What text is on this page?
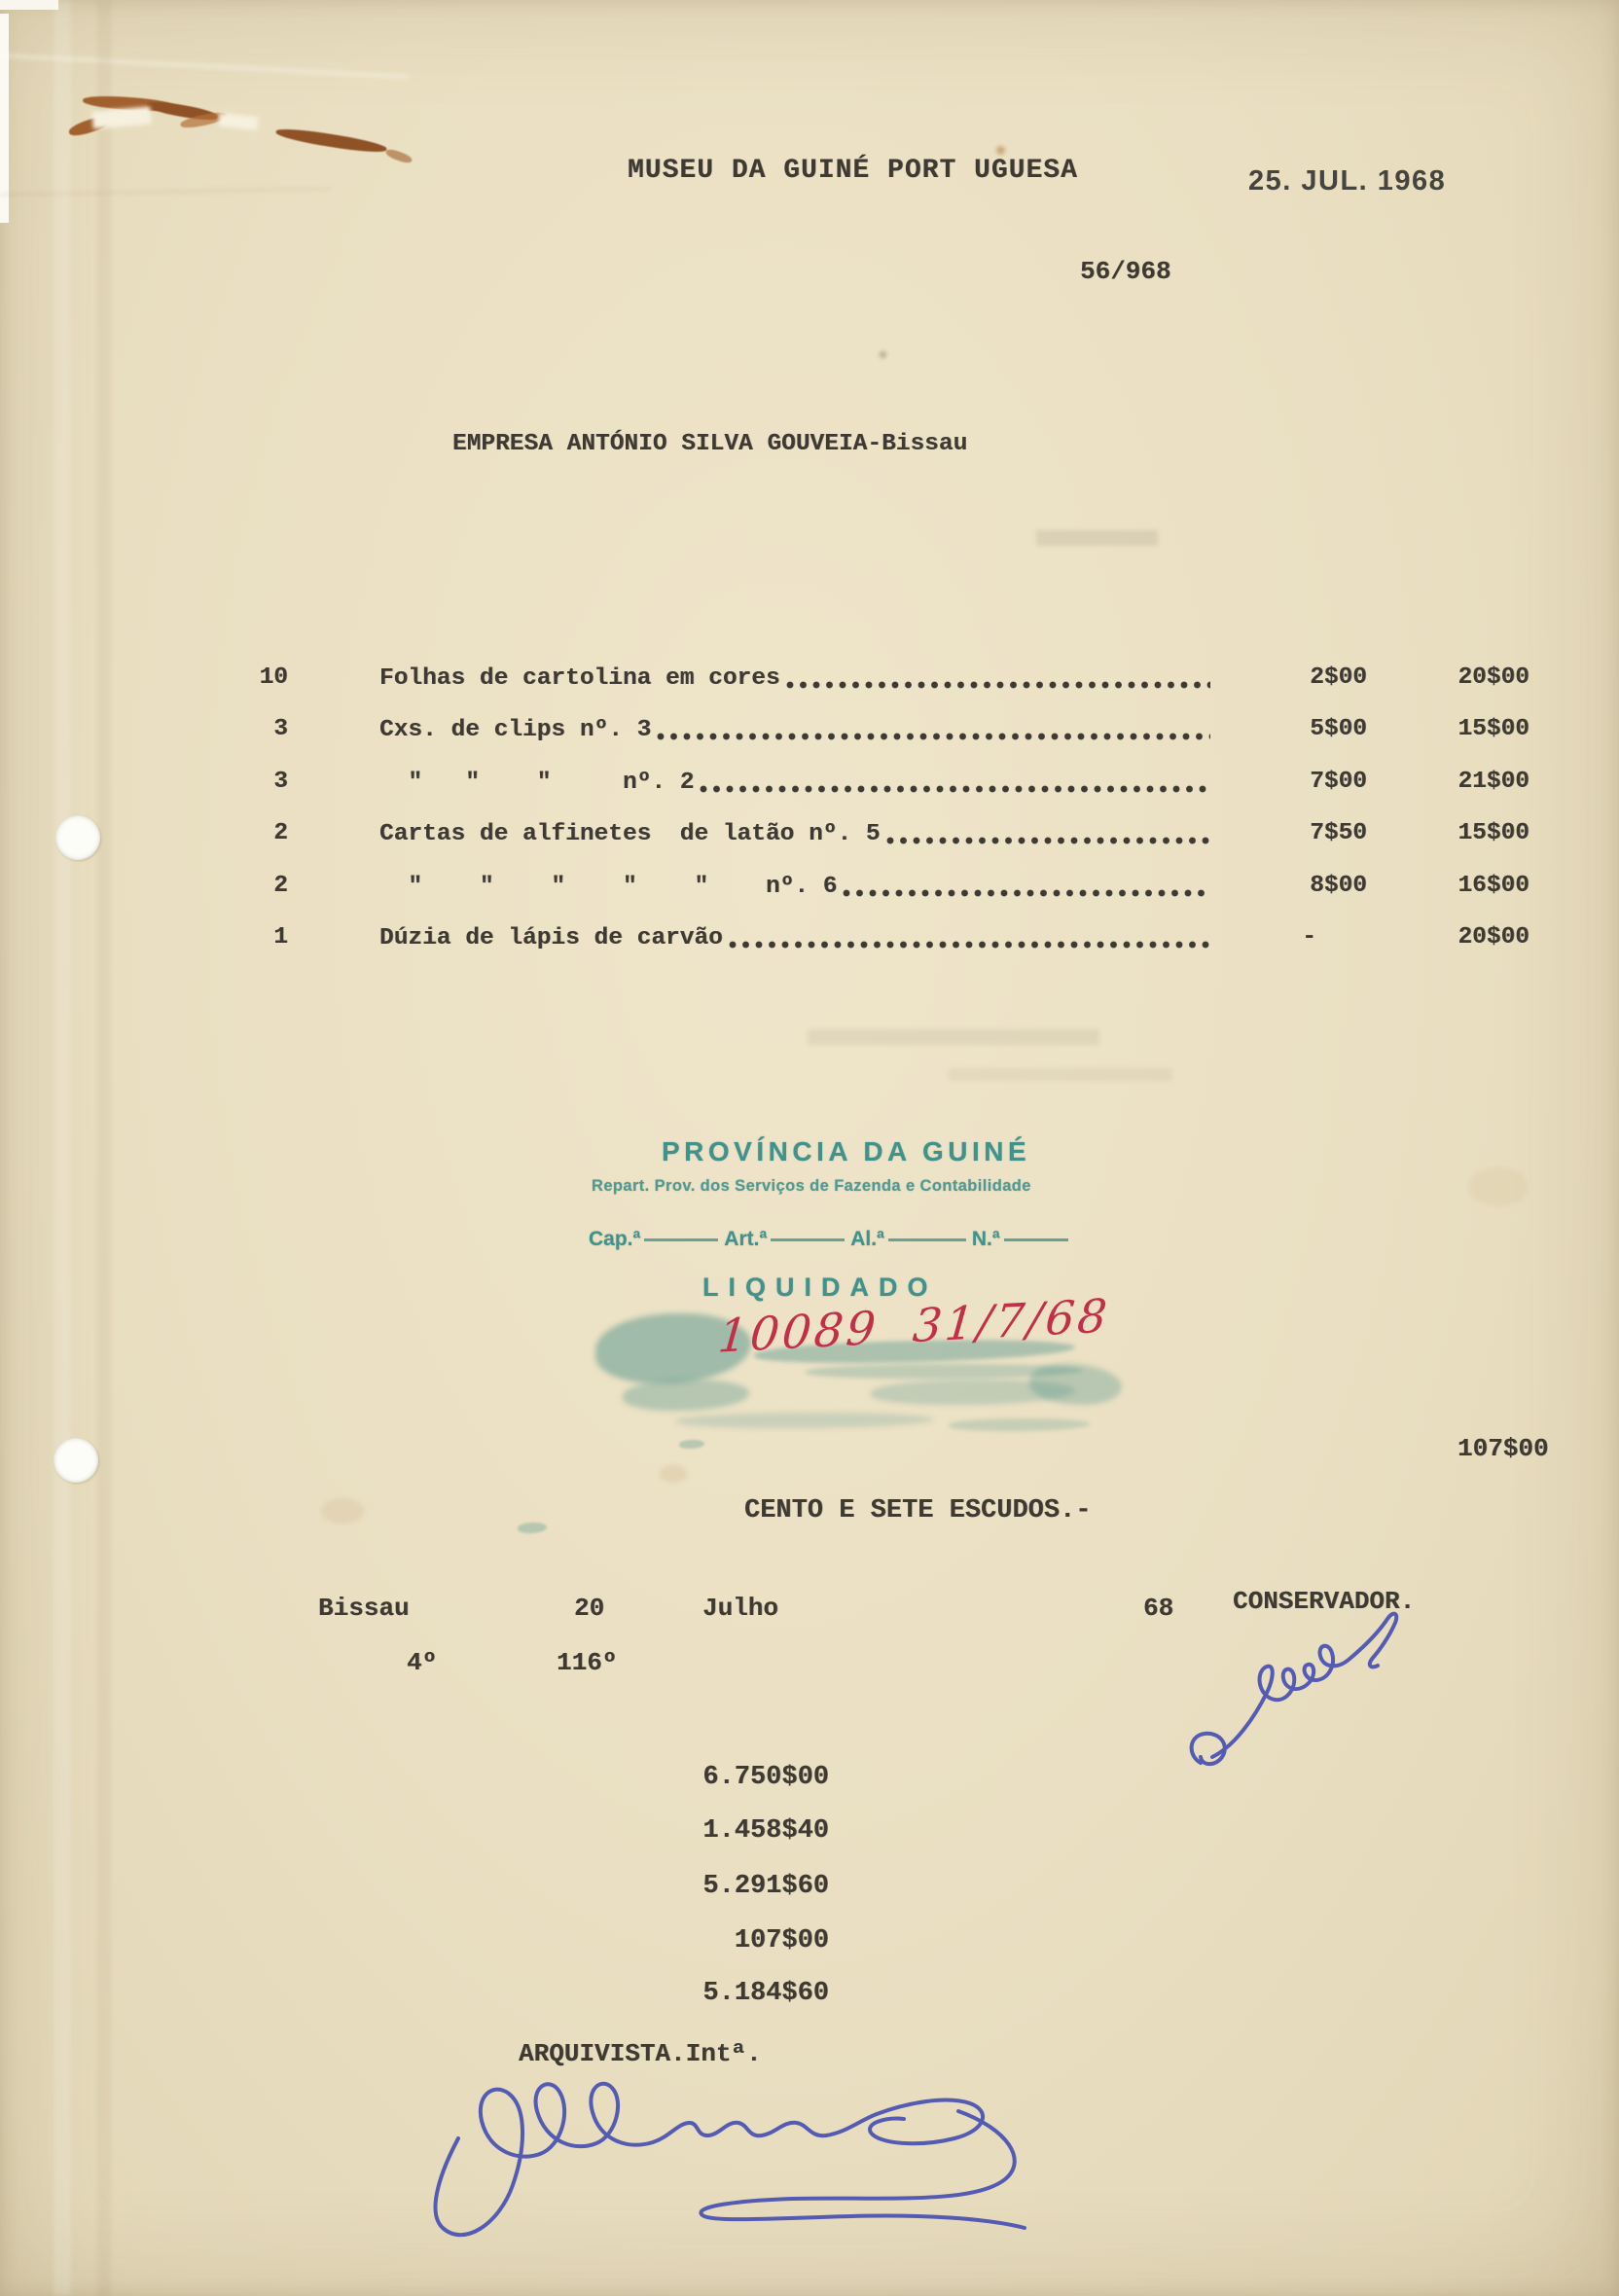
MUSEU DA GUINÉ PORT UGUESA	25. JUL. 1968
56/968
EMPRESA ANTÓNIO SILVA GOUVEIA-Bissau
10	Folhas de cartolina em cores	2$00	20$00
3	Cxs. de clips nº. 3	5$00	15$00
3	"   "    "     nº. 2	7$00	21$00
2	Cartas de alfinetes  de latão nº. 5	7$50	15$00
2	"    "    "    "    "    nº. 6	8$00	16$00
1	Dúzia de lápis de carvão	-	20$00
PROVÍNCIA DA GUINÉ
Repart. Prov. dos Serviços de Fazenda e Contabilidade
Cap.ª	Art.ª	Al.ª	N.ª
LIQUIDADO
10089 31/7/68
107$00
CENTO E SETE ESCUDOS.-
Bissau	20	Julho	68 CONSERVADOR.
4º	116º
6.750$00
1.458$40
5.291$60
107$00
5.184$60
ARQUIVISTA.Intª.
